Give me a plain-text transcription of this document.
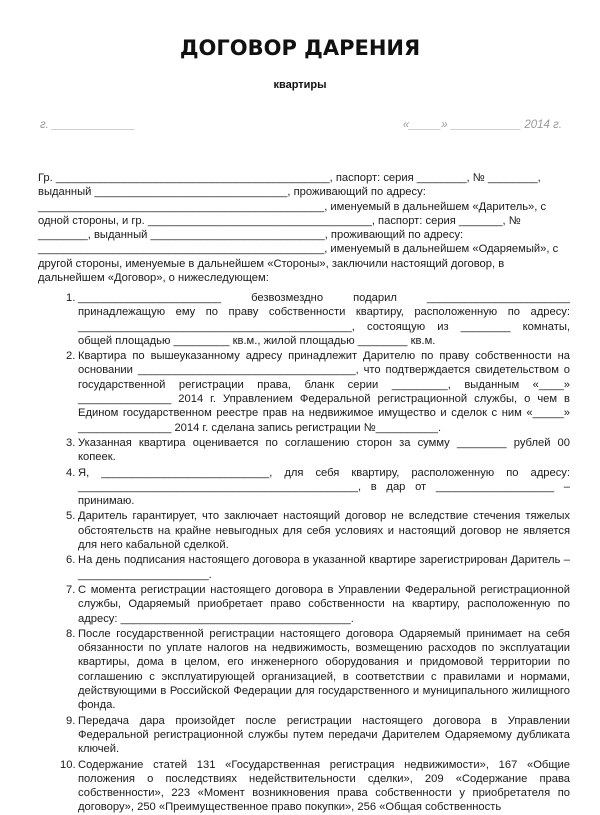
ДОГОВОР ДАРЕНИЯ
квартиры
г. _____________	«_____» ___________ 2014 г.
Гр. ____________________________________________, паспорт: серия ________, № ________,
выданный _______________________________, проживающий по адресу:
______________________________________________, именуемый в дальнейшем «Даритель», с
одной стороны, и гр. ____________________________________, паспорт: серия _______, №
________, выданный ____________________________, проживающий по адресу:
______________________________________________, именуемый в дальнейшем «Одаряемый», с
другой стороны, именуемые в дальнейшем «Стороны», заключили настоящий договор, в
дальнейшем «Договор», о нижеследующем:
1. _______________________ безвозмездно подарил _______________________ принадлежащую ему по праву собственности квартиру, расположенную по адресу: ____________________________________________, состоящую из ________ комнаты, общей площадью _________ кв.м., жилой площадью ________ кв.м.
2. Квартира по вышеуказанному адресу принадлежит Дарителю по праву собственности на основании ___________________________________, что подтверждается свидетельством о государственной регистрации права, бланк серии _________, выданным «____» _______________ 2014 г. Управлением Федеральной регистрационной службы, о чем в Едином государственном реестре прав на недвижимое имущество и сделок с ним «_____» _______________ 2014 г. сделана запись регистрации №__________.
3. Указанная квартира оценивается по соглашению сторон за сумму ________ рублей 00 копеек.
4. Я, ___________________________, для себя квартиру, расположенную по адресу: _____________________________________________, в дар от ___________________ – принимаю.
5. Даритель гарантирует, что заключает настоящий договор не вследствие стечения тяжелых обстоятельств на крайне невыгодных для себя условиях и настоящий договор не является для него кабальной сделкой.
6. На день подписания настоящего договора в указанной квартире зарегистрирован Даритель – _____________________.
7. С момента регистрации настоящего договора в Управлении Федеральной регистрационной службы, Одаряемый приобретает право собственности на квартиру, расположенную по адресу: _____________________________________.
8. После государственной регистрации настоящего договора Одаряемый принимает на себя обязанности по уплате налогов на недвижимость, возмещению расходов по эксплуатации квартиры, дома в целом, его инженерного оборудования и придомовой территории по соглашению с эксплуатирующей организацией, в соответствии с правилами и нормами, действующими в Российской Федерации для государственного и муниципального жилищного фонда.
9. Передача дара произойдет после регистрации настоящего договора в Управлении Федеральной регистрационной службы путем передачи Дарителем Одаряемому дубликата ключей.
10. Содержание статей 131 «Государственная регистрация недвижимости», 167 «Общие положения о последствиях недействительности сделки», 209 «Содержание права собственности», 223 «Момент возникновения права собственности у приобретателя по договору», 250 «Преимущественное право покупки», 256 «Общая собственность
